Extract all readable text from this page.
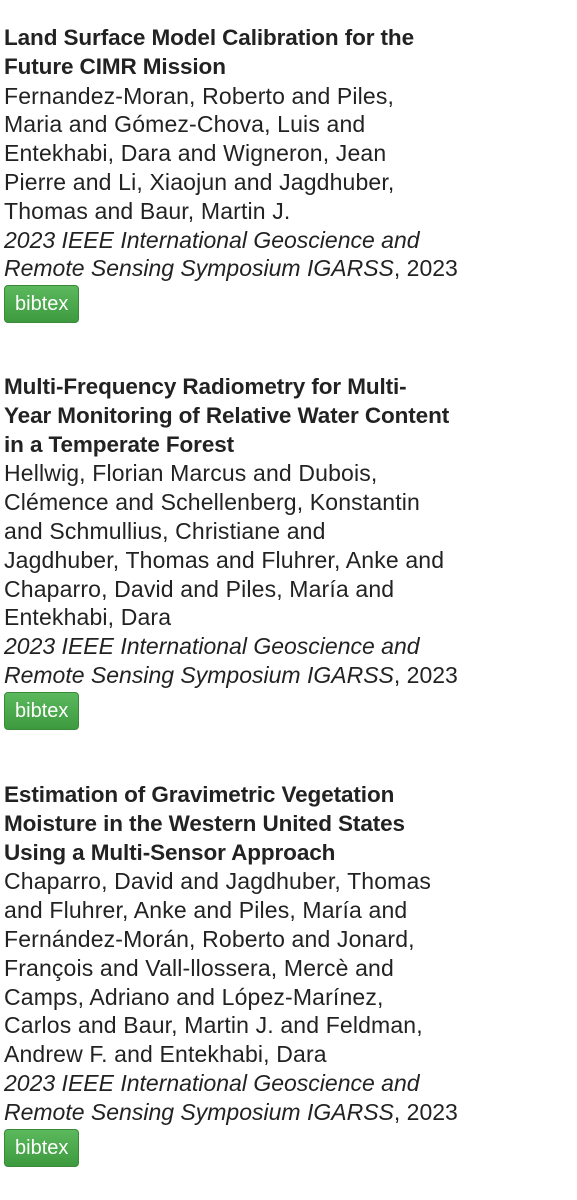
Land Surface Model Calibration for the
Future CIMR Mission

Fernandez-Moran, Roberto and Piles,
Maria and Gómez-Chova, Luis and
Entekhabi, Dara and Wigneron, Jean
Pierre and Li, Xiaojun and Jagdhuber,
Thomas and Baur, Martin J.

2023 IEEE International Geoscience and
Remote Sensing Symposium IGARSS, 2023

bibtex

Multi-Frequency Radiometry for Multi-
Year Monitoring of Relative Water Content
in a Temperate Forest

Hellwig, Florian Marcus and Dubois,
Clémence and Schellenberg, Konstantin
and Schmullius, Christiane and
Jagdhuber, Thomas and Fluhrer, Anke and
Chaparro, David and Piles, María and
Entekhabi, Dara

2023 IEEE International Geoscience and
Remote Sensing Symposium IGARSS, 2023

bibtex

Estimation of Gravimetric Vegetation
Moisture in the Western United States
Using a Multi-Sensor Approach

Chaparro, David and Jagdhuber, Thomas
and Fluhrer, Anke and Piles, María and
Fernández-Morán, Roberto and Jonard,
François and Vall-llossera, Mercè and
Camps, Adriano and López-Marínez,
Carlos and Baur, Martin J. and Feldman,
Andrew F. and Entekhabi, Dara

2023 IEEE International Geoscience and
Remote Sensing Symposium IGARSS, 2023

bibtex
